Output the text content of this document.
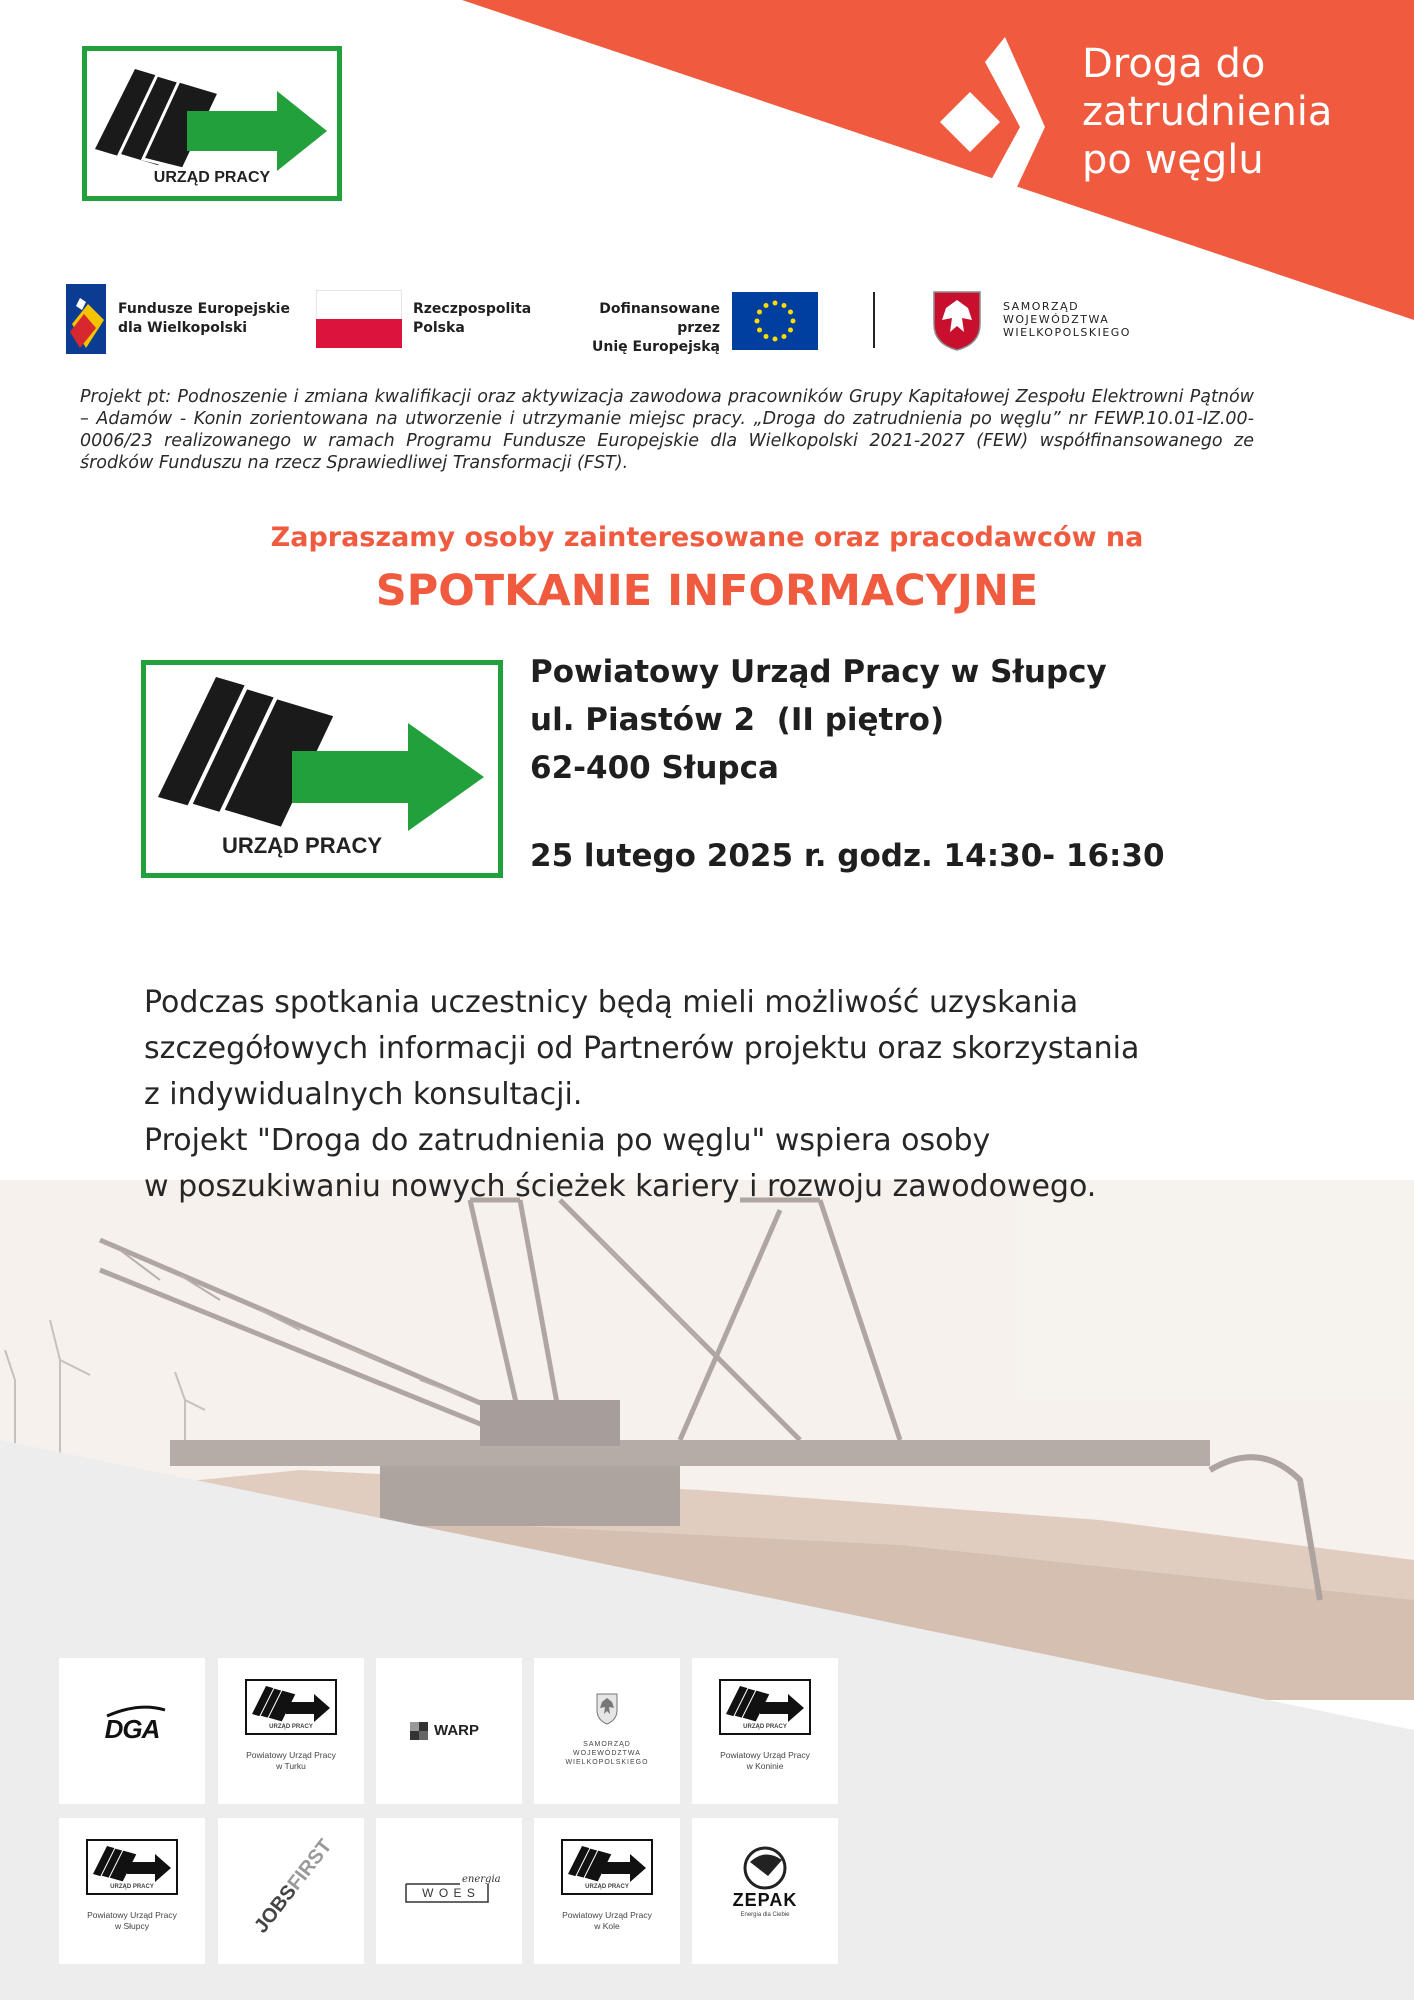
URZĄD PRACY
Droga do
zatrudnienia
po węglu
Fundusze Europejskie
dla Wielkopolski
Rzeczpospolita
Polska
Dofinansowane przez
Unię Europejską
SAMORZĄD
WOJEWÓDZTWA
WIELKOPOLSKIEGO
Projekt pt: Podnoszenie i zmiana kwalifikacji oraz aktywizacja zawodowa pracowników Grupy Kapitałowej Zespołu Elektrowni Pątnów – Adamów - Konin zorientowana na utworzenie i utrzymanie miejsc pracy. „Droga do zatrudnienia po węglu” nr FEWP.10.01-IZ.00-0006/23 realizowanego w ramach Programu Fundusze Europejskie dla Wielkopolski 2021-2027 (FEW) współfinansowanego ze środków Funduszu na rzecz Sprawiedliwej Transformacji (FST).
Zapraszamy osoby zainteresowane oraz pracodawców na
SPOTKANIE INFORMACYJNE
URZĄD PRACY
Powiatowy Urząd Pracy w Słupcy
ul. Piastów 2  (II piętro)
62-400 Słupca
25 lutego 2025 r. godz. 14:30- 16:30
Podczas spotkania uczestnicy będą mieli możliwość uzyskania
szczegółowych informacji od Partnerów projektu oraz skorzystania
z indywidualnych konsultacji.
Projekt "Droga do zatrudnienia po węglu" wspiera osoby
w poszukiwaniu nowych ścieżek kariery i rozwoju zawodowego.
DGA	URZĄD PRACY
Powiatowy Urząd Pracy
w Turku
WARP
SAMORZĄD
WOJEWÓDZTWA
WIELKOPOLSKIEGO
URZĄD PRACY
Powiatowy Urząd Pracy
w Koninie
URZĄD PRACY
Powiatowy Urząd Pracy
w Słupcy	JOBSFIRST	energia
W O E S	URZĄD PRACY
Powiatowy Urząd Pracy
w Kole
ZEPAK
Energia dla Ciebie
